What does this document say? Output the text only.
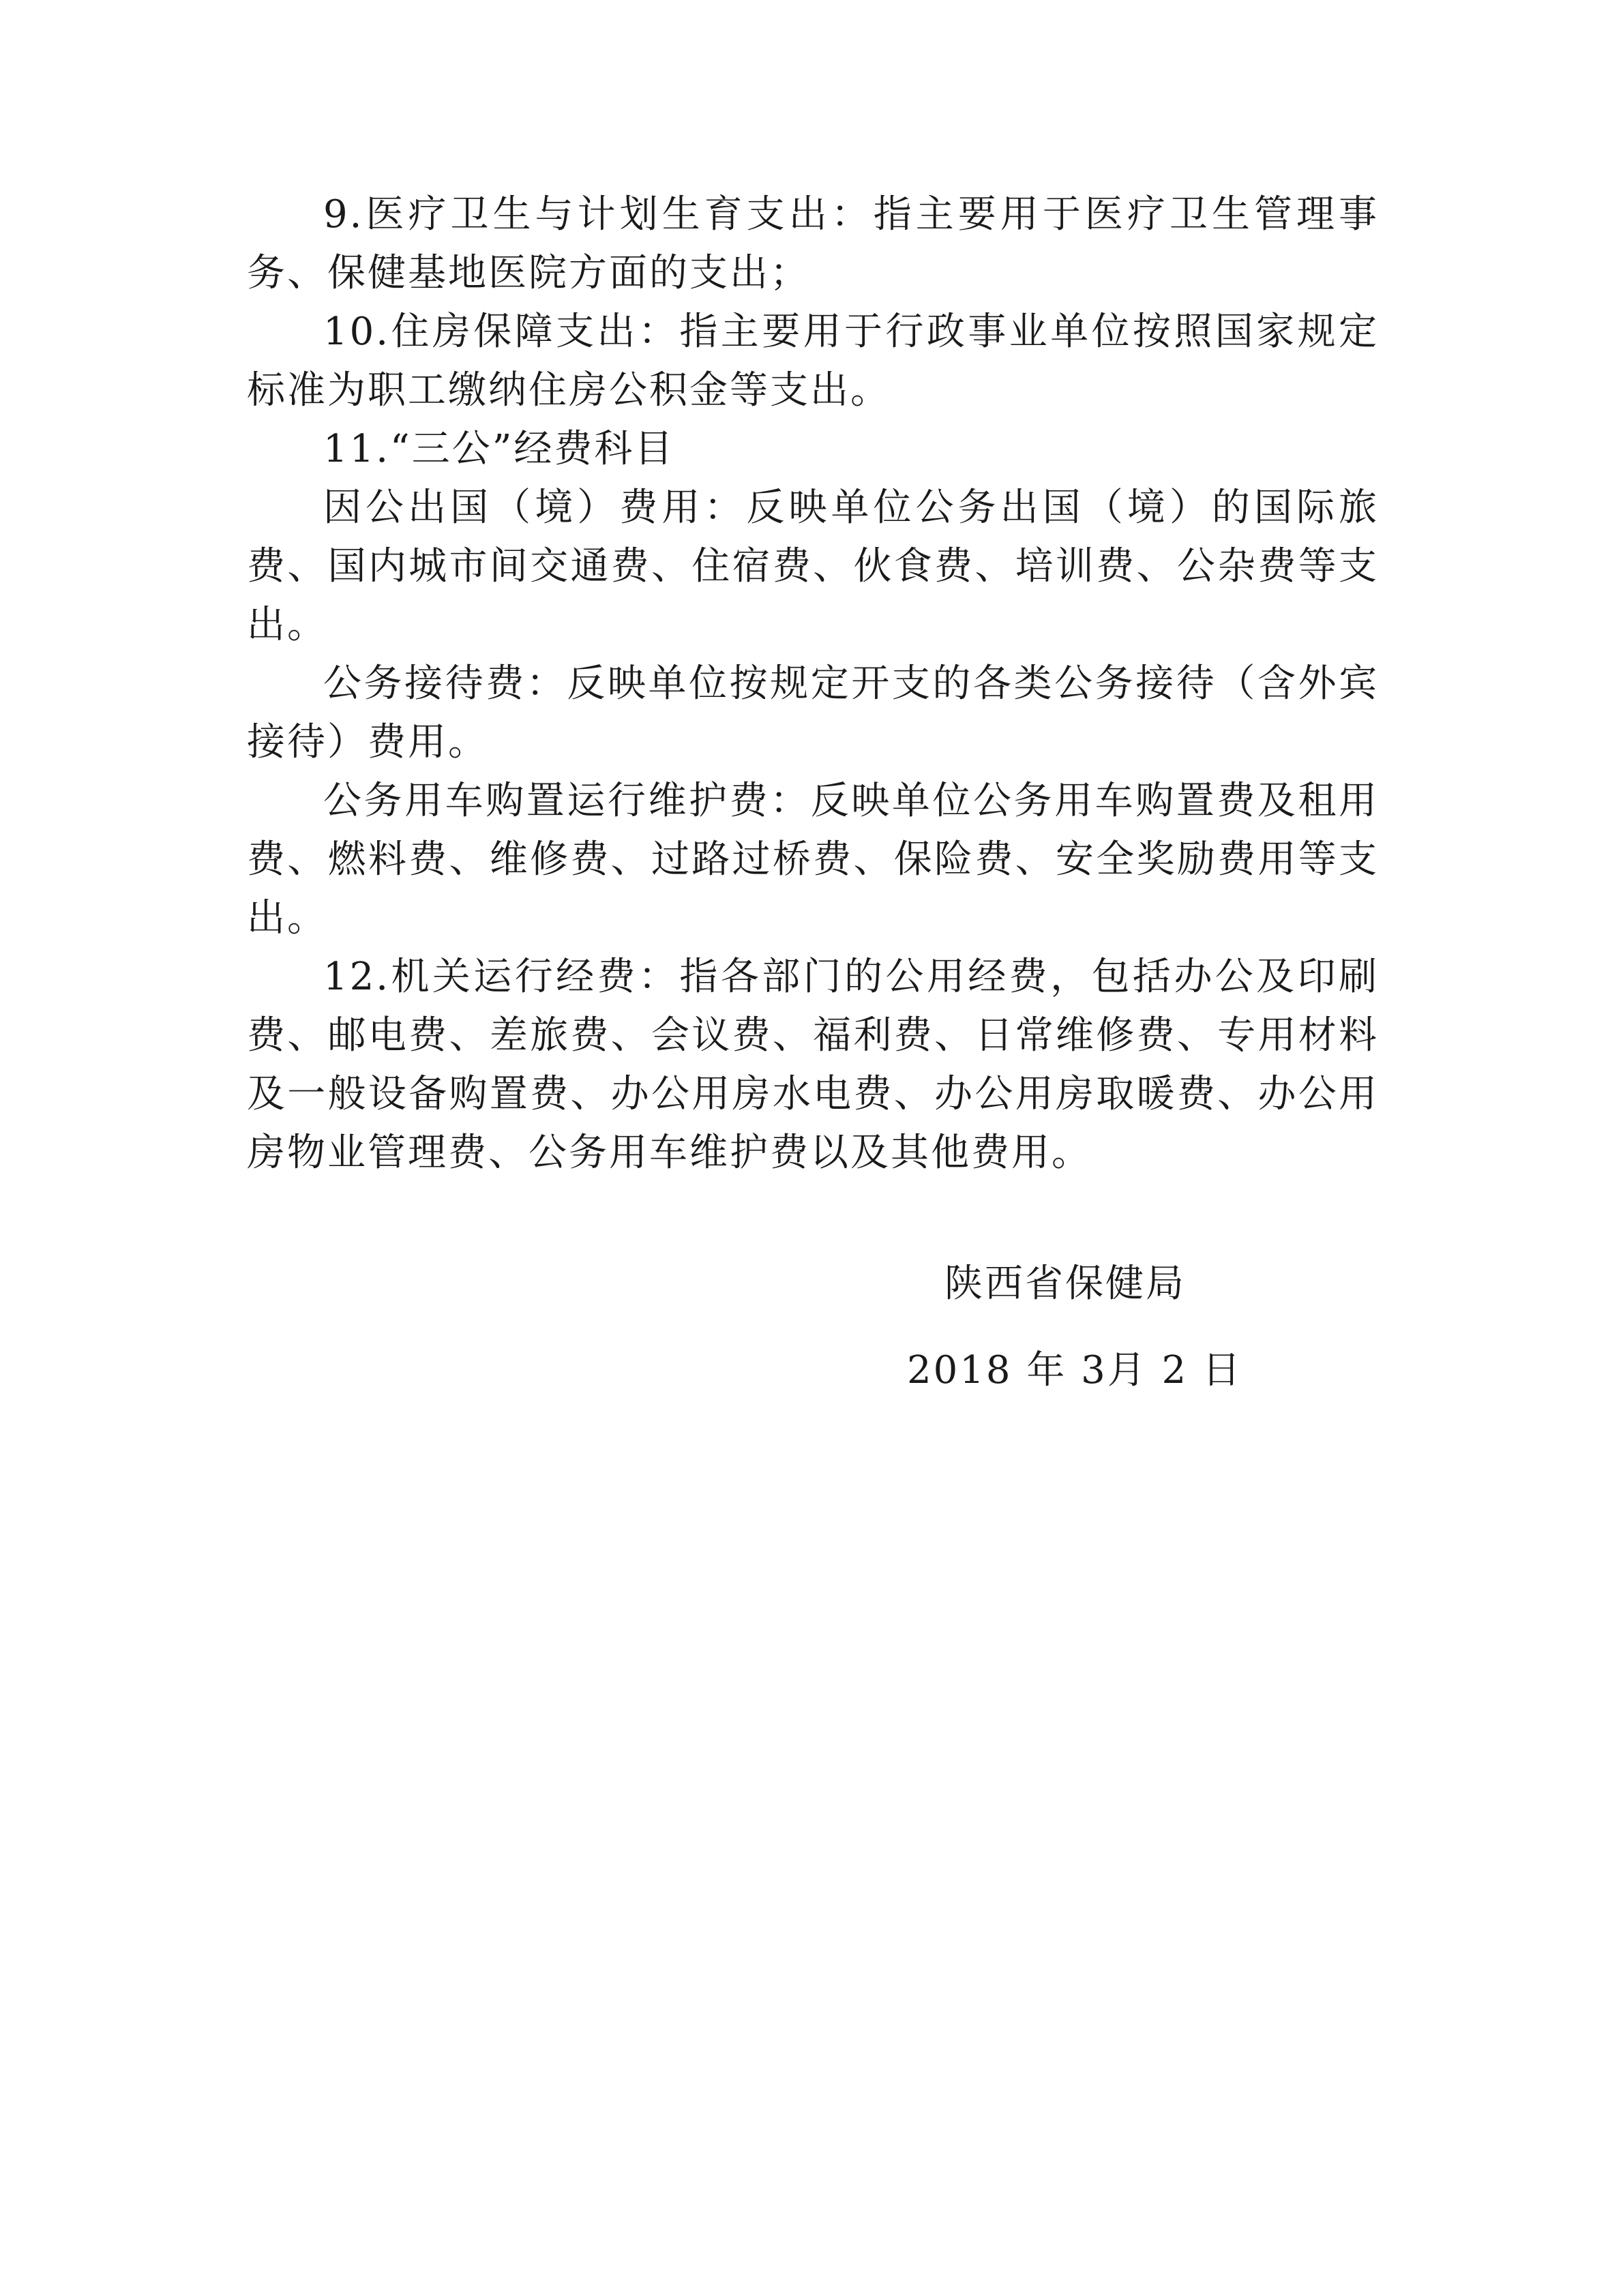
9.医疗卫生与计划生育支出：指主要用于医疗卫生管理事务、保健基地医院方面的支出；

10.住房保障支出：指主要用于行政事业单位按照国家规定标准为职工缴纳住房公积金等支出。

11.“三公”经费科目

因公出国（境）费用：反映单位公务出国（境）的国际旅费、国内城市间交通费、住宿费、伙食费、培训费、公杂费等支出。

公务接待费：反映单位按规定开支的各类公务接待（含外宾接待）费用。

公务用车购置运行维护费：反映单位公务用车购置费及租用费、燃料费、维修费、过路过桥费、保险费、安全奖励费用等支出。

12.机关运行经费：指各部门的公用经费，包括办公及印刷费、邮电费、差旅费、会议费、福利费、日常维修费、专用材料及一般设备购置费、办公用房水电费、办公用房取暖费、办公用房物业管理费、公务用车维护费以及其他费用。

陕西省保健局
2018 年 3月 2 日
